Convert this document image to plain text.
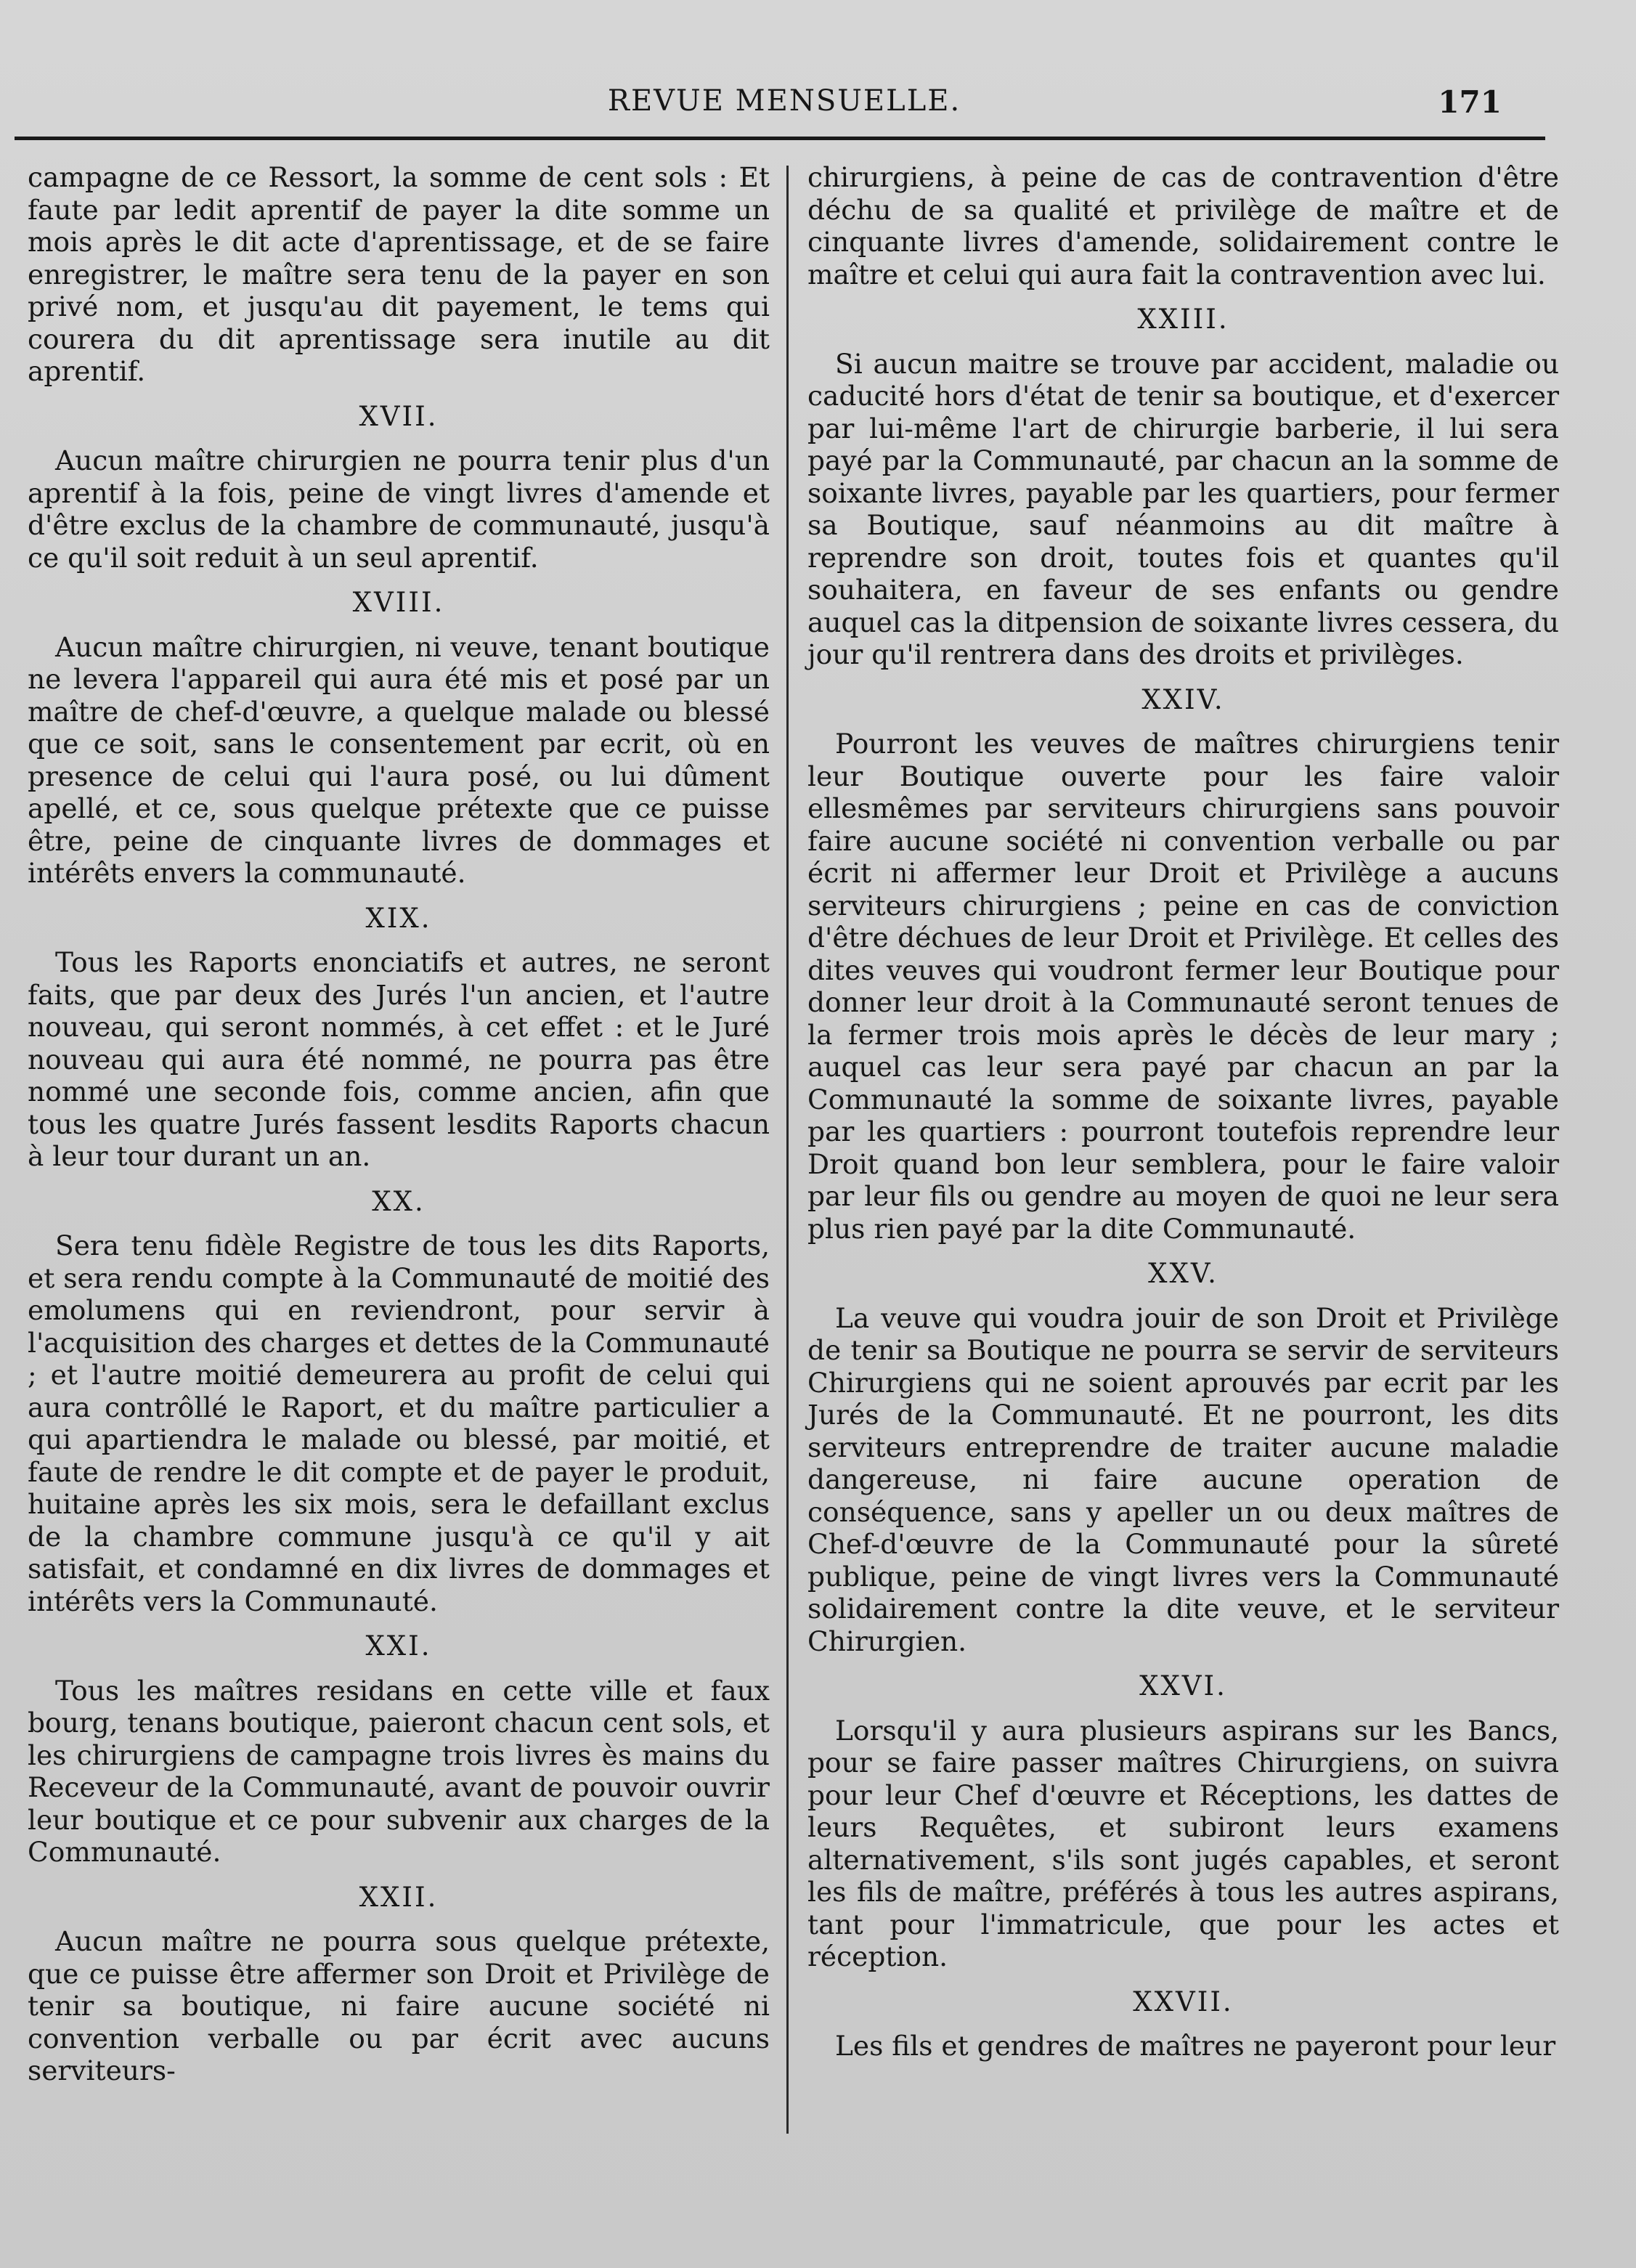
REVUE MENSUELLE.	171

campagne de ce Ressort, la somme de cent sols : Et faute par ledit aprentif de payer la dite somme un mois après le dit acte d'aprentissage, et de se faire enregistrer, le maître sera tenu de la payer en son privé nom, et jusqu'au dit payement, le tems qui courera du dit aprentissage sera inutile au dit aprentif.

XVII.

Aucun maître chirurgien ne pourra tenir plus d'un aprentif à la fois, peine de vingt livres d'amende et d'être exclus de la chambre de communauté, jusqu'à ce qu'il soit reduit à un seul aprentif.

XVIII.

Aucun maître chirurgien, ni veuve, tenant boutique ne levera l'appareil qui aura été mis et posé par un maître de chef-d'œuvre, a quelque malade ou blessé que ce soit, sans le consentement par ecrit, où en presence de celui qui l'aura posé, ou lui dûment apellé, et ce, sous quelque prétexte que ce puisse être, peine de cinquante livres de dommages et intérêts envers la communauté.

XIX.

Tous les Raports enonciatifs et autres, ne seront faits, que par deux des Jurés l'un ancien, et l'autre nouveau, qui seront nommés, à cet effet : et le Juré nouveau qui aura été nommé, ne pourra pas être nommé une seconde fois, comme ancien, afin que tous les quatre Jurés fassent lesdits Raports chacun à leur tour durant un an.

XX.

Sera tenu fidèle Registre de tous les dits Raports, et sera rendu compte à la Communauté de moitié des emolumens qui en reviendront, pour servir à l'acquisition des charges et dettes de la Communauté ; et l'autre moitié demeurera au profit de celui qui aura contrôllé le Raport, et du maître particulier a qui apartiendra le malade ou blessé, par moitié, et faute de rendre le dit compte et de payer le produit, huitaine après les six mois, sera le defaillant exclus de la chambre commune jusqu'à ce qu'il y ait satisfait, et condamné en dix livres de dommages et intérêts vers la Communauté.

XXI.

Tous les maîtres residans en cette ville et faux bourg, tenans boutique, paieront chacun cent sols, et les chirurgiens de campagne trois livres ès mains du Receveur de la Communauté, avant de pouvoir ouvrir leur boutique et ce pour subvenir aux charges de la Communauté.

XXII.

Aucun maître ne pourra sous quelque prétexte, que ce puisse être affermer son Droit et Privilège de tenir sa boutique, ni faire aucune société ni convention verballe ou par écrit avec aucuns serviteurs-

chirurgiens, à peine de cas de contravention d'être déchu de sa qualité et privilège de maître et de cinquante livres d'amende, solidairement contre le maître et celui qui aura fait la contravention avec lui.

XXIII.

Si aucun maitre se trouve par accident, maladie ou caducité hors d'état de tenir sa boutique, et d'exercer par lui-même l'art de chirurgie barberie, il lui sera payé par la Communauté, par chacun an la somme de soixante livres, payable par les quartiers, pour fermer sa Boutique, sauf néanmoins au dit maître à reprendre son droit, toutes fois et quantes qu'il souhaitera, en faveur de ses enfants ou gendre auquel cas la ditpension de soixante livres cessera, du jour qu'il rentrera dans des droits et privilèges.

XXIV.

Pourront les veuves de maîtres chirurgiens tenir leur Boutique ouverte pour les faire valoir ellesmêmes par serviteurs chirurgiens sans pouvoir faire aucune société ni convention verballe ou par écrit ni affermer leur Droit et Privilège a aucuns serviteurs chirurgiens ; peine en cas de conviction d'être déchues de leur Droit et Privilège. Et celles des dites veuves qui voudront fermer leur Boutique pour donner leur droit à la Communauté seront tenues de la fermer trois mois après le décès de leur mary ; auquel cas leur sera payé par chacun an par la Communauté la somme de soixante livres, payable par les quartiers : pourront toutefois reprendre leur Droit quand bon leur semblera, pour le faire valoir par leur fils ou gendre au moyen de quoi ne leur sera plus rien payé par la dite Communauté.

XXV.

La veuve qui voudra jouir de son Droit et Privilège de tenir sa Boutique ne pourra se servir de serviteurs Chirurgiens qui ne soient aprouvés par ecrit par les Jurés de la Communauté. Et ne pourront, les dits serviteurs entreprendre de traiter aucune maladie dangereuse, ni faire aucune operation de conséquence, sans y apeller un ou deux maîtres de Chef-d'œuvre de la Communauté pour la sûreté publique, peine de vingt livres vers la Communauté solidairement contre la dite veuve, et le serviteur Chirurgien.

XXVI.

Lorsqu'il y aura plusieurs aspirans sur les Bancs, pour se faire passer maîtres Chirurgiens, on suivra pour leur Chef d'œuvre et Réceptions, les dattes de leurs Requêtes, et subiront leurs examens alternativement, s'ils sont jugés capables, et seront les fils de maître, préférés à tous les autres aspirans, tant pour l'immatricule, que pour les actes et réception.

XXVII.

Les fils et gendres de maîtres ne payeront pour leur
